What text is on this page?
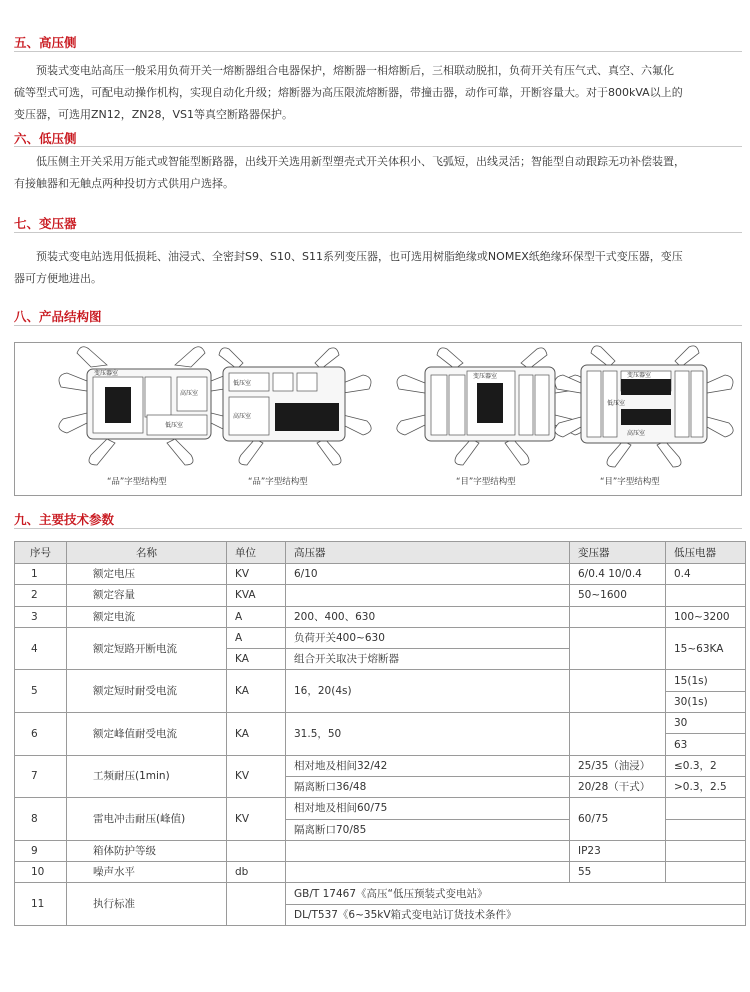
五、高压侧
预装式变电站高压一般采用负荷开关一熔断器组合电器保护，熔断器一相熔断后，三相联动脱扣，负荷开关有压气式、真空、六氟化
硫等型式可选，可配电动操作机构，实现自动化升级；熔断器为高压限流熔断器，带撞击器，动作可靠，开断容量大。对于800kVA以上的
变压器，可选用ZN12，ZN28，VS1等真空断路器保护。
六、低压侧
低压侧主开关采用万能式或智能型断路器，出线开关选用新型塑壳式开关体积小、飞弧短，出线灵活；智能型自动跟踪无功补偿装置，
有接触器和无触点两种投切方式供用户选择。
七、变压器
预装式变电站选用低损耗、油浸式、全密封S9、S10、S11系列变压器，也可选用树脂绝缘或NOMEX纸绝缘环保型干式变压器，变压
器可方便地进出。
八、产品结构图
变压器室
高压室
低压室
低压室
高压室
变压器室	变压器室
低压室
高压室
“品”字型结构型	“品”字型结构型	“目”字型结构型	“目”字型结构型
九、主要技术参数
序号	名称	单位	高压器	变压器	低压电器
1	额定电压	KV	6/10	6/0.4 10/0.4	0.4
2	额定容量	KVA		50~1600	
3	额定电流	A	200、400、630		100~3200
4	额定短路开断电流	A	负荷开关400~630		15~63KA
		KA	组合开关取决于熔断器		
5	额定短时耐受电流	KA	16，20(4s)		15(1s)
					30(1s)
6	额定峰值耐受电流	KA	31.5，50		30
					63
7	工频耐压(1min)	KV	相对地及相间32/42	25/35（油浸）	≤0.3，2
			隔离断口36/48	20/28（干式）	>0.3，2.5
8	雷电冲击耐压(峰值)	KV	相对地及相间60/75	60/75	
			隔离断口70/85		
9	箱体防护等级			IP23	
10	噪声水平	db		55	
11	执行标准		GB/T 17467《高压“低压预装式变电站》		
			DL/T537《6~35kV箱式变电站订货技术条件》		
